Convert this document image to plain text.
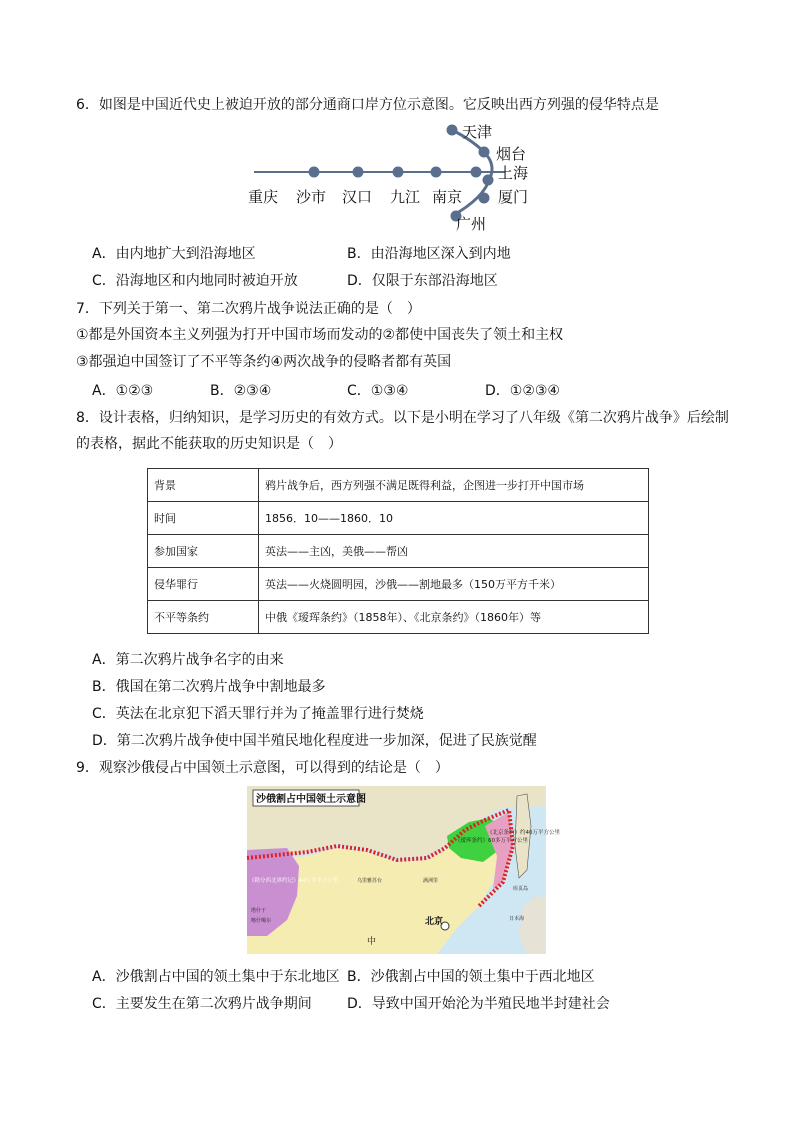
6．如图是中国近代史上被迫开放的部分通商口岸方位示意图。它反映出西方列强的侵华特点是
重庆 沙市 汉口 九江 南京
上海
天津
烟台
厦门
广州
A．由内地扩大到沿海地区	B．由沿海地区深入到内地
C．沿海地区和内地同时被迫开放	D．仅限于东部沿海地区
7．下列关于第一、第二次鸦片战争说法正确的是（　）
①都是外国资本主义列强为打开中国市场而发动的②都使中国丧失了领土和主权
③都强迫中国签订了不平等条约④两次战争的侵略者都有英国
A．①②③	B．②③④	C．①③④	D．①②③④
8．设计表格，归纳知识，是学习历史的有效方式。以下是小明在学习了八年级《第二次鸦片战争》后绘制
的表格，据此不能获取的历史知识是（　）
背景	鸦片战争后，西方列强不满足既得利益，企图进一步打开中国市场
时间	1856．10——1860．10
参加国家	英法——主凶，美俄——帮凶
侵华罪行	英法——火烧圆明园，沙俄——割地最多（150万平方千米）
不平等条约	中俄《瑷珲条约》（1858年）、《北京条约》（1860年）等
A．第二次鸦片战争名字的由来
B．俄国在第二次鸦片战争中割地最多
C．英法在北京犯下滔天罪行并为了掩盖罪行进行焚烧
D．第二次鸦片战争使中国半殖民地化程度进一步加深，促进了民族觉醒
9．观察沙俄侵占中国领土示意图，可以得到的结论是（　）
沙俄割占中国领土示意图
《瑷珲条约》60多万平方公里
《北京条约》约40万平方公里
《勘分西北界约记》44万多平方公里
北京
中
库页岛
日本海
满洲里
乌里雅苏台
塔什干
喀什噶尔
A．沙俄割占中国的领土集中于东北地区 B．沙俄割占中国的领土集中于西北地区
C．主要发生在第二次鸦片战争期间	D．导致中国开始沦为半殖民地半封建社会
